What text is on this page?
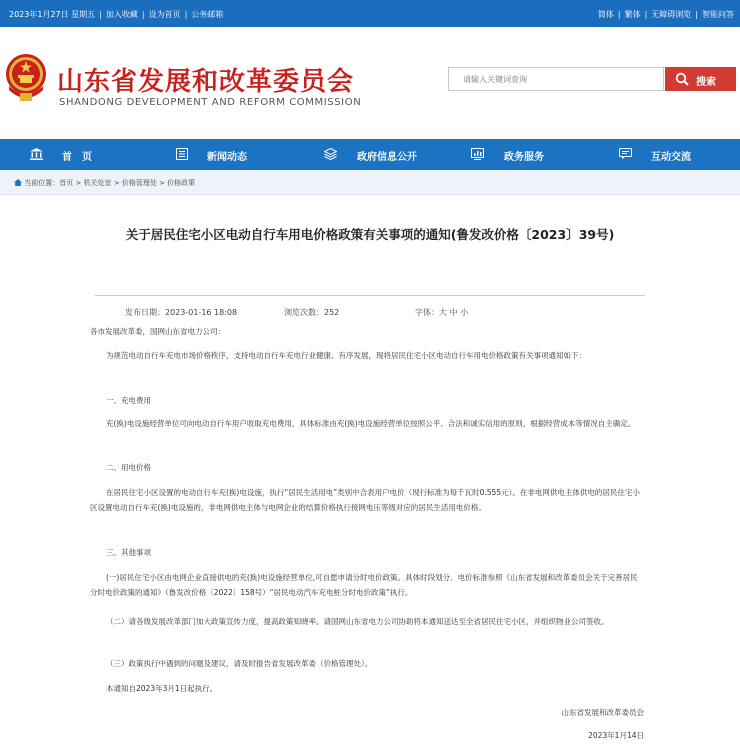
2023年1月27日 星期五 | 加入收藏 | 设为首页 | 公务邮箱	简体 | 繁体 | 无障碍浏览 | 智能问答
山东省发展和改革委员会
SHANDONG DEVELOPMENT AND REFORM COMMISSION
请输入关键词查询
搜索
首　页	新闻动态	政府信息公开	政务服务	互动交流
当前位置：首页 > 机关处室 > 价格管理处 > 价格政策
关于居民住宅小区电动自行车用电价格政策有关事项的通知(鲁发改价格〔2023〕39号)
发布日期：2023-01-16 18:08	浏览次数：252	字体：大 中 小
各市发展改革委，国网山东省电力公司：
为规范电动自行车充电市场价格秩序，支持电动自行车充电行业健康、有序发展，现将居民住宅小区电动自行车用电价格政策有关事项通知如下：
一、充电费用
充(换)电设施经营单位可向电动自行车用户收取充电费用，具体标准由充(换)电设施经营单位按照公平、合法和诚实信用的原则，根据经营成本等情况自主确定。
二、用电价格
在居民住宅小区设置的电动自行车充(换)电设施，执行“居民生活用电”类别中合表用户电价（现行标准为每千瓦时0.555元）。在非电网供电主体供电的居民住宅小区设置电动自行车充(换)电设施的，非电网供电主体与电网企业的结算价格执行接网电压等级对应的居民生活用电价格。
三、其他事项
(一)居民住宅小区由电网企业直接供电的充(换)电设施经营单位,可自愿申请分时电价政策。具体时段划分、电价标准参照《山东省发展和改革委员会关于完善居民分时电价政策的通知》（鲁发改价格〔2022〕158号）“居民电动汽车充电桩分时电价政策”执行。
（二）请各级发展改革部门加大政策宣传力度，提高政策知晓率。请国网山东省电力公司协助将本通知送达至全省居民住宅小区，并组织物业公司签收。
（三）政策执行中遇到的问题及建议，请及时报告省发展改革委（价格管理处）。
本通知自2023年3月1日起执行。
山东省发展和改革委员会
2023年1月14日
